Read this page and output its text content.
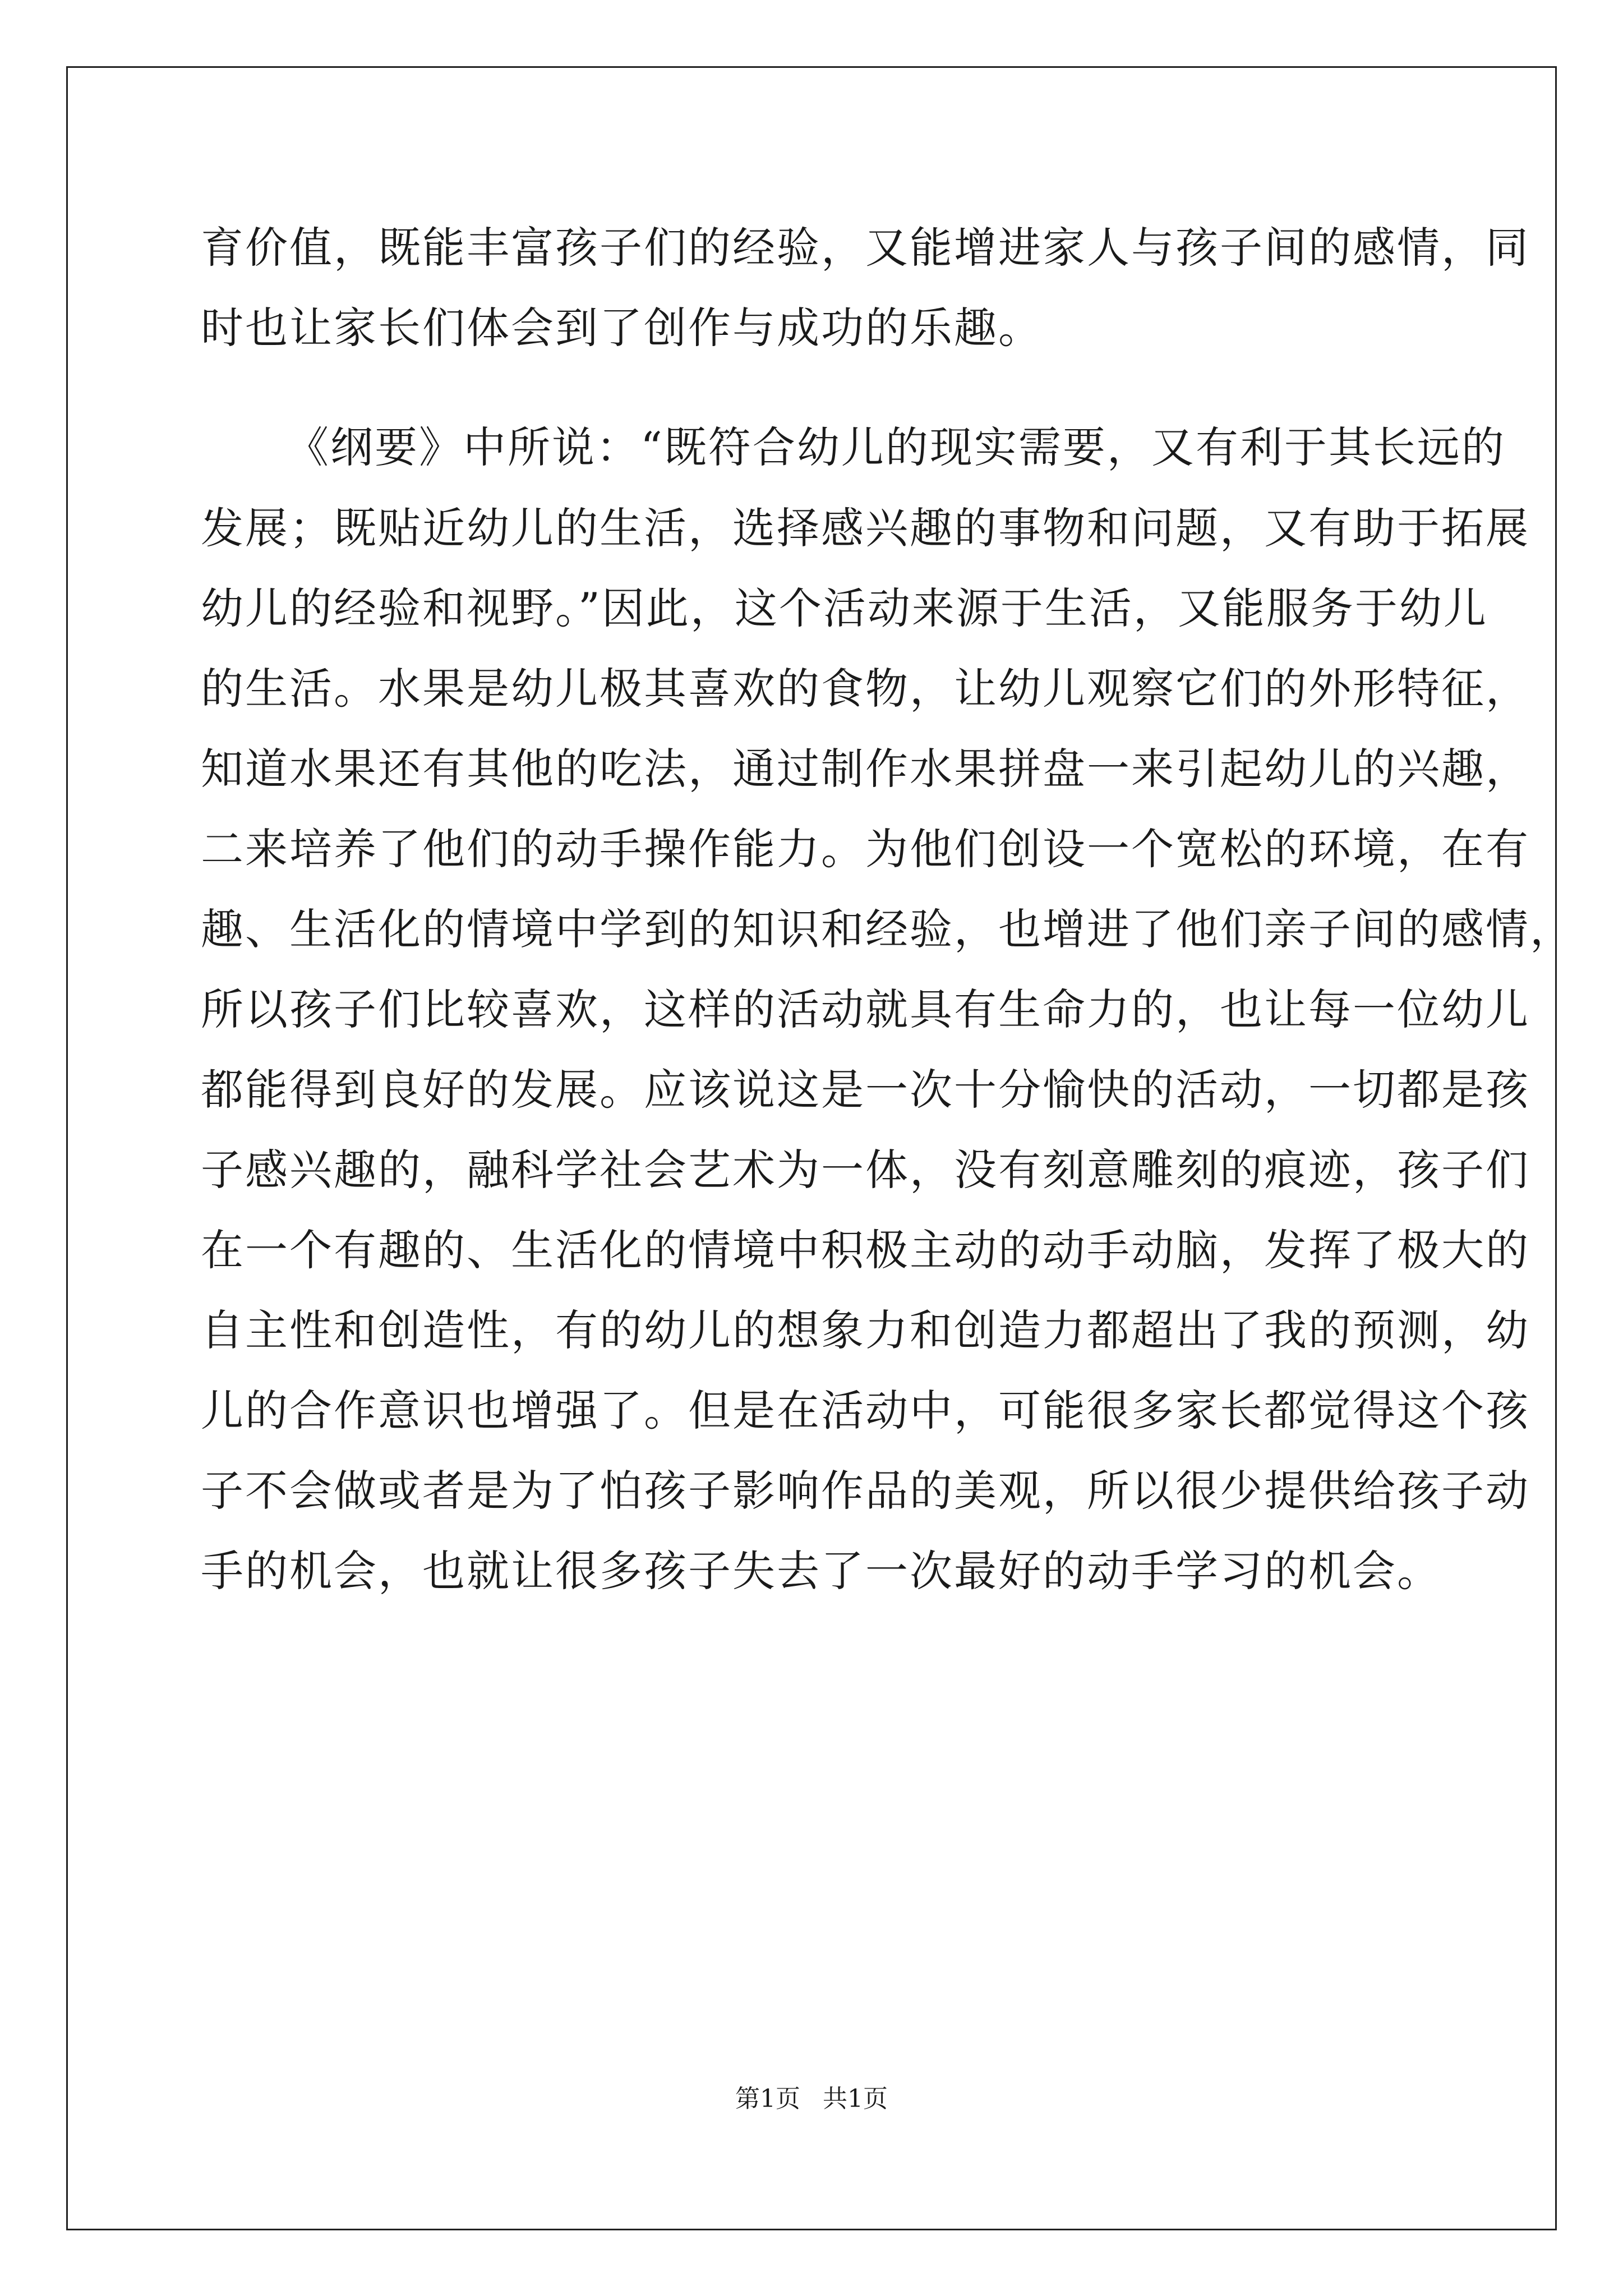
育价值，既能丰富孩子们的经验，又能增进家人与孩子间的感情，同
时也让家长们体会到了创作与成功的乐趣。
《纲要》中所说：“既符合幼儿的现实需要，又有利于其长远的
发展；既贴近幼儿的生活，选择感兴趣的事物和问题，又有助于拓展
幼儿的经验和视野。”因此，这个活动来源于生活，又能服务于幼儿
的生活。水果是幼儿极其喜欢的食物，让幼儿观察它们的外形特征，
知道水果还有其他的吃法，通过制作水果拼盘一来引起幼儿的兴趣，
二来培养了他们的动手操作能力。为他们创设一个宽松的环境，在有
趣、生活化的情境中学到的知识和经验，也增进了他们亲子间的感情，
所以孩子们比较喜欢，这样的活动就具有生命力的，也让每一位幼儿
都能得到良好的发展。应该说这是一次十分愉快的活动，一切都是孩
子感兴趣的，融科学社会艺术为一体，没有刻意雕刻的痕迹，孩子们
在一个有趣的、生活化的情境中积极主动的动手动脑，发挥了极大的
自主性和创造性，有的幼儿的想象力和创造力都超出了我的预测，幼
儿的合作意识也增强了。但是在活动中，可能很多家长都觉得这个孩
子不会做或者是为了怕孩子影响作品的美观，所以很少提供给孩子动
手的机会，也就让很多孩子失去了一次最好的动手学习的机会。
第1页 共1页
